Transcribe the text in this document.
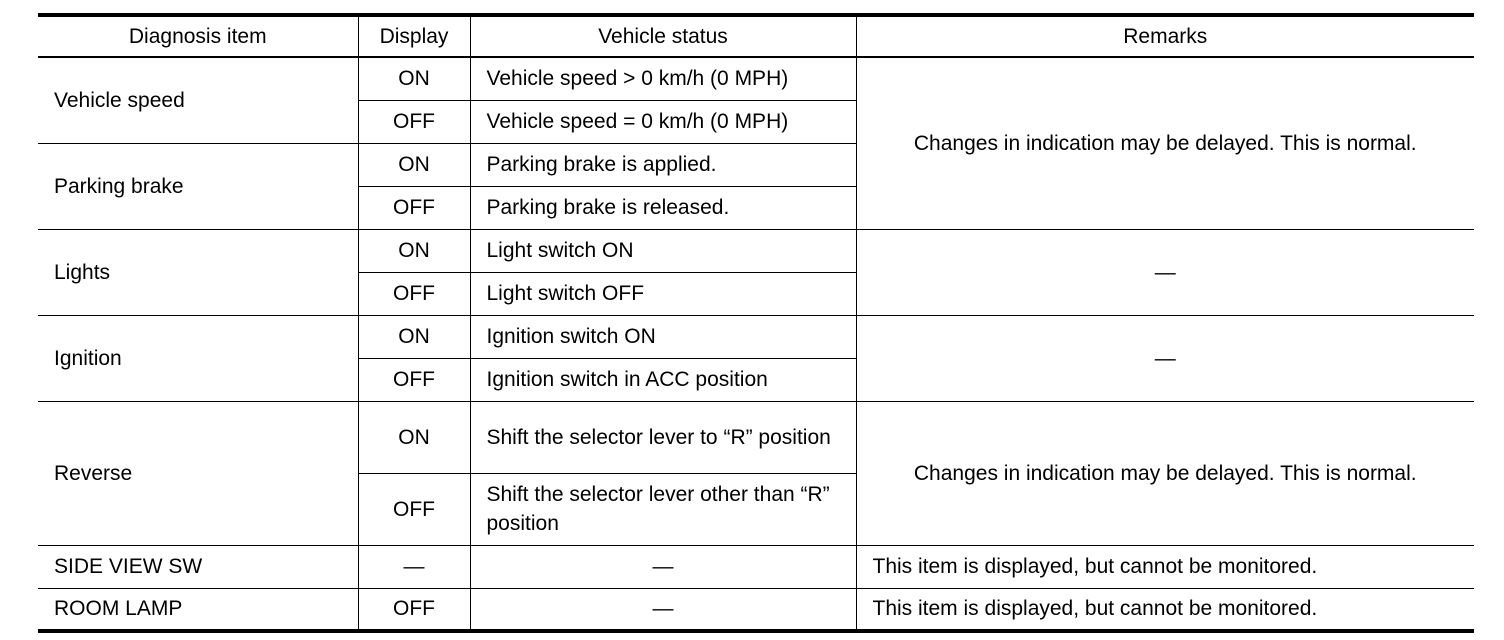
Diagnosis item	Display	Vehicle status	Remarks
Vehicle speed	ON	Vehicle speed > 0 km/h (0 MPH)	Changes in indication may be delayed. This is normal.
	OFF	Vehicle speed = 0 km/h (0 MPH)	
Parking brake	ON	Parking brake is applied.	
	OFF	Parking brake is released.	
Lights	ON	Light switch ON	—
	OFF	Light switch OFF	
Ignition	ON	Ignition switch ON	—
	OFF	Ignition switch in ACC position	
Reverse	ON	Shift the selector lever to “R” position	Changes in indication may be delayed. This is normal.
	OFF	Shift the selector lever other than “R” position	
SIDE VIEW SW	—	—	This item is displayed, but cannot be monitored.
ROOM LAMP	OFF	—	This item is displayed, but cannot be monitored.
